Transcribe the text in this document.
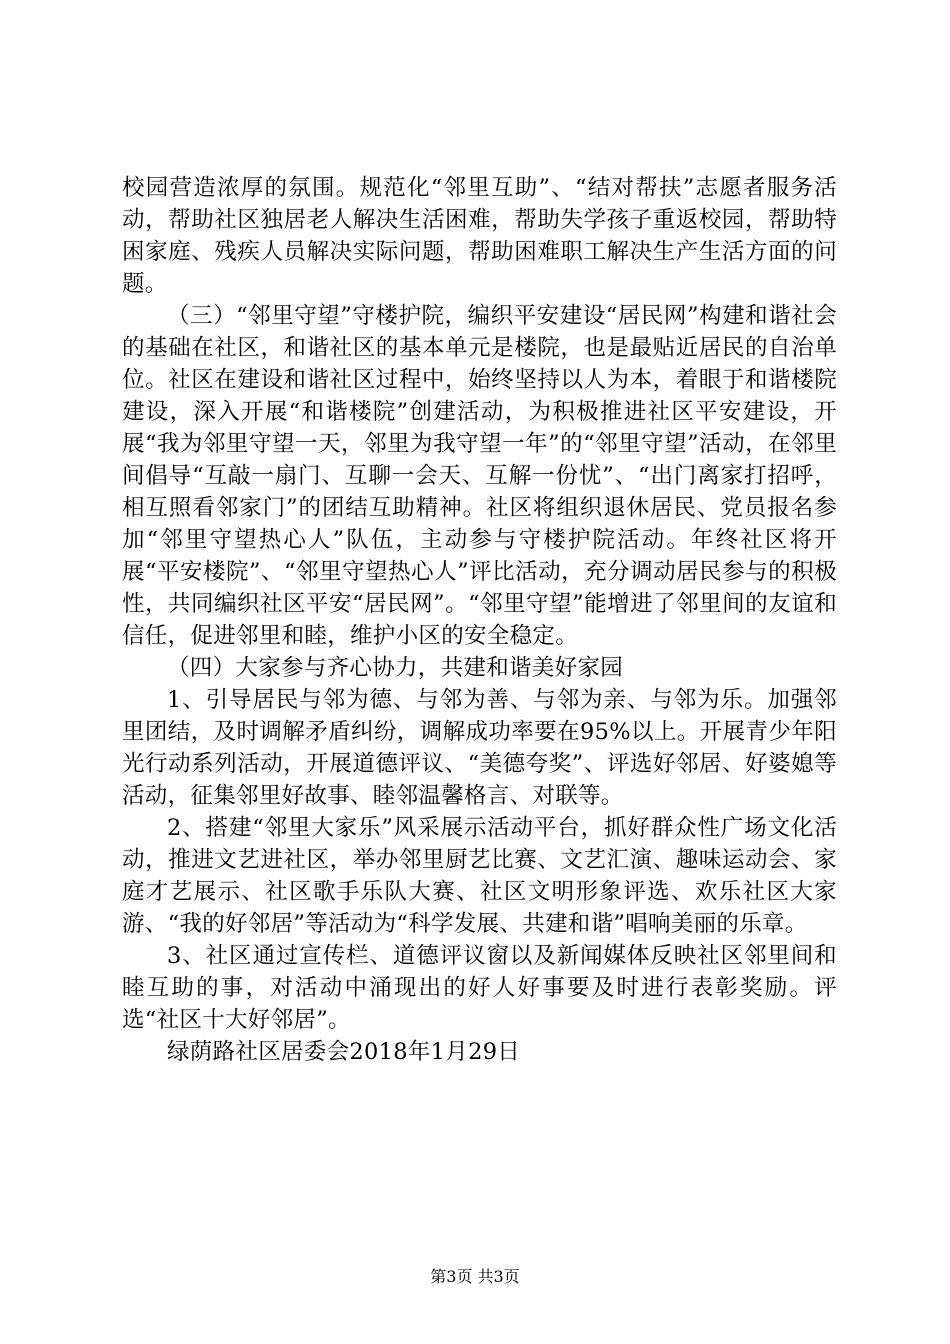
校园营造浓厚的氛围。规范化“邻里互助”、“结对帮扶”志愿者服务活动，帮助社区独居老人解决生活困难，帮助失学孩子重返校园，帮助特困家庭、残疾人员解决实际问题，帮助困难职工解决生产生活方面的问题。

（三）“邻里守望”守楼护院，编织平安建设“居民网”构建和谐社会的基础在社区，和谐社区的基本单元是楼院，也是最贴近居民的自治单位。社区在建设和谐社区过程中，始终坚持以人为本，着眼于和谐楼院建设，深入开展“和谐楼院”创建活动，为积极推进社区平安建设，开展“我为邻里守望一天，邻里为我守望一年”的“邻里守望”活动，在邻里间倡导“互敲一扇门、互聊一会天、互解一份忧”、“出门离家打招呼，相互照看邻家门”的团结互助精神。社区将组织退休居民、党员报名参加“邻里守望热心人”队伍，主动参与守楼护院活动。年终社区将开展“平安楼院”、“邻里守望热心人”评比活动，充分调动居民参与的积极性，共同编织社区平安“居民网”。“邻里守望”能增进了邻里间的友谊和信任，促进邻里和睦，维护小区的安全稳定。

（四）大家参与齐心协力，共建和谐美好家园

1、引导居民与邻为德、与邻为善、与邻为亲、与邻为乐。加强邻里团结，及时调解矛盾纠纷，调解成功率要在95%以上。开展青少年阳光行动系列活动，开展道德评议、“美德夸奖”、评选好邻居、好婆媳等活动，征集邻里好故事、睦邻温馨格言、对联等。

2、搭建“邻里大家乐”风采展示活动平台，抓好群众性广场文化活动，推进文艺进社区，举办邻里厨艺比赛、文艺汇演、趣味运动会、家庭才艺展示、社区歌手乐队大赛、社区文明形象评选、欢乐社区大家游、“我的好邻居”等活动为“科学发展、共建和谐”唱响美丽的乐章。

3、社区通过宣传栏、道德评议窗以及新闻媒体反映社区邻里间和睦互助的事，对活动中涌现出的好人好事要及时进行表彰奖励。评选“社区十大好邻居”。

绿荫路社区居委会2018年1月29日

第3页 共3页
